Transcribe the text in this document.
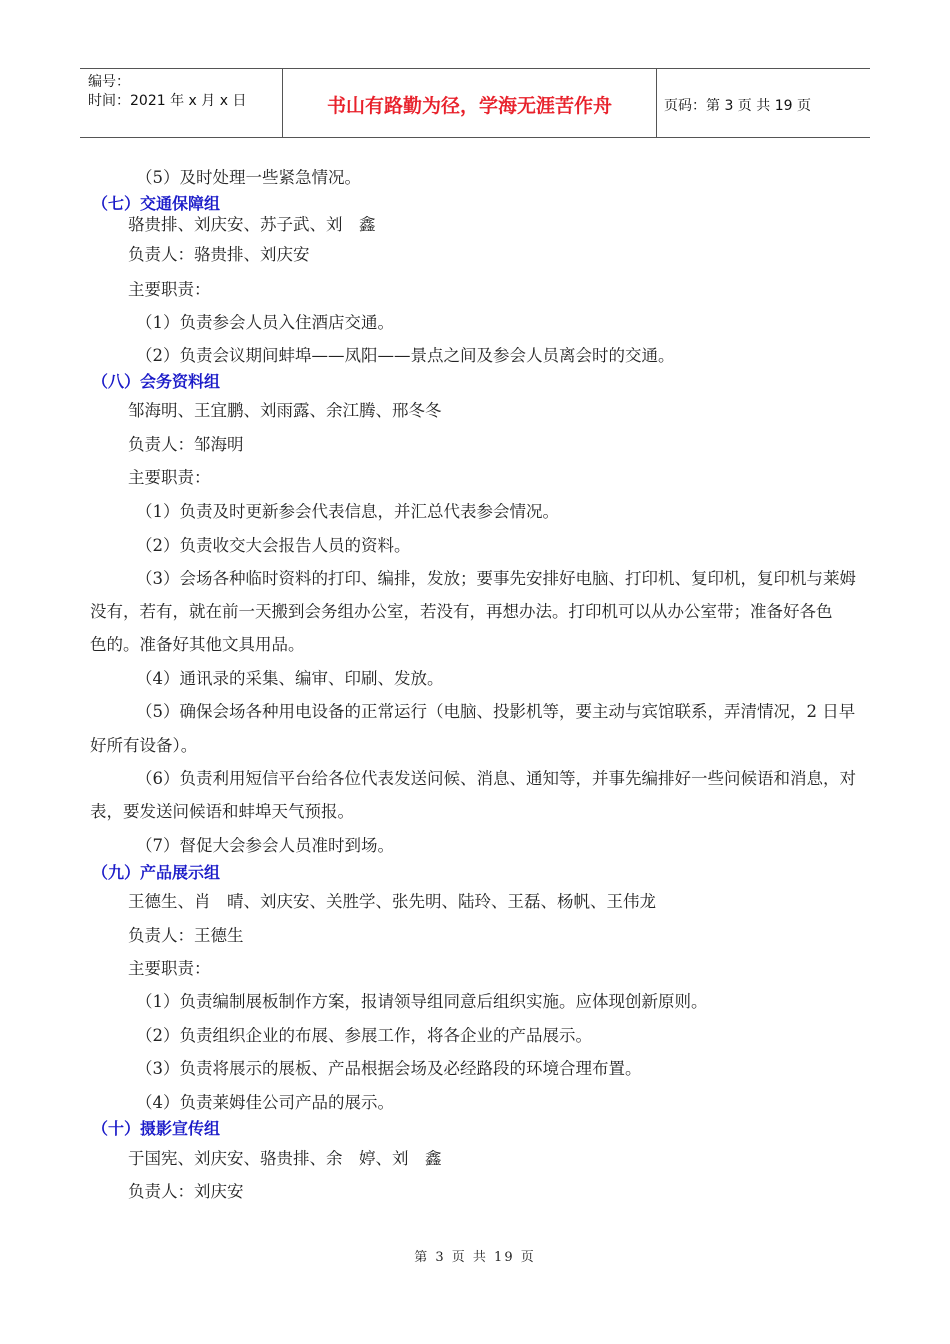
编号：
时间：2021 年 x 月 x 日	书山有路勤为径，学海无涯苦作舟	页码：第 3 页 共 19 页
（5）及时处理一些紧急情况。
（七）交通保障组
骆贵排、刘庆安、苏子武、刘　鑫
负责人：骆贵排、刘庆安
主要职责：
（1）负责参会人员入住酒店交通。
（2）负责会议期间蚌埠——凤阳——景点之间及参会人员离会时的交通。
（八）会务资料组
邹海明、王宜鹏、刘雨露、余江腾、邢冬冬
负责人：邹海明
主要职责：
（1）负责及时更新参会代表信息，并汇总代表参会情况。
（2）负责收交大会报告人员的资料。
（3）会场各种临时资料的打印、编排，发放；要事先安排好电脑、打印机、复印机，复印机与莱姆
没有，若有，就在前一天搬到会务组办公室，若没有，再想办法。打印机可以从办公室带；准备好各色
色的。准备好其他文具用品。
（4）通讯录的采集、编审、印刷、发放。
（5）确保会场各种用电设备的正常运行（电脑、投影机等，要主动与宾馆联系，弄清情况，2 日早
好所有设备）。
（6）负责利用短信平台给各位代表发送问候、消息、通知等，并事先编排好一些问候语和消息，对
表，要发送问候语和蚌埠天气预报。
（7）督促大会参会人员准时到场。
（九）产品展示组
王德生、肖　晴、刘庆安、关胜学、张先明、陆玲、王磊、杨帆、王伟龙
负责人：王德生
主要职责：
（1）负责编制展板制作方案，报请领导组同意后组织实施。应体现创新原则。
（2）负责组织企业的布展、参展工作，将各企业的产品展示。
（3）负责将展示的展板、产品根据会场及必经路段的环境合理布置。
（4）负责莱姆佳公司产品的展示。
（十）摄影宣传组
于国宪、刘庆安、骆贵排、余　婷、刘　鑫
负责人：刘庆安
第 3 页 共 19 页
